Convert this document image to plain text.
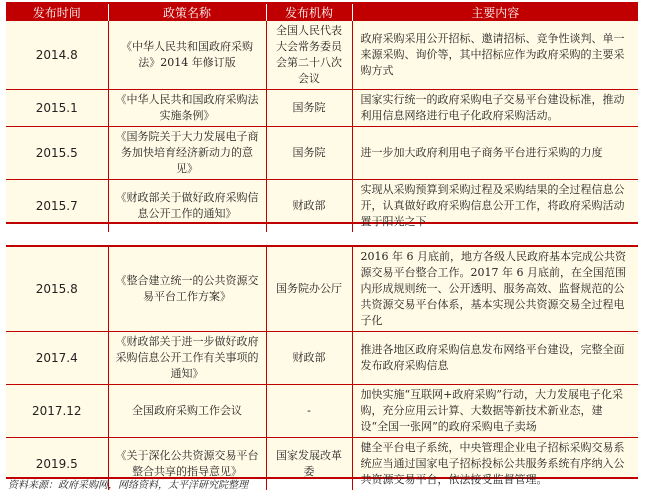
发布时间	政策名称	发布机构	主要内容
2014.8	《中华人民共和国政府采购法》2014 年修订版	全国人民代表大会常务委员会第二十八次会议	政府采购采用公开招标、邀请招标、竞争性谈判、单一来源采购、询价等，其中招标应作为政府采购的主要采购方式
2015.1	《中华人民共和国政府采购法实施条例》	国务院	国家实行统一的政府采购电子交易平台建设标准，推动利用信息网络进行电子化政府采购活动。
2015.5	《国务院关于大力发展电子商务加快培育经济新动力的意见》	国务院	进一步加大政府利用电子商务平台进行采购的力度
2015.7	《财政部关于做好政府采购信息公开工作的通知》	财政部	实现从采购预算到采购过程及采购结果的全过程信息公开，认真做好政府采购信息公开工作，将政府采购活动置于阳光之下
2015.8	《整合建立统一的公共资源交易平台工作方案》	国务院办公厅	2016 年 6 月底前，地方各级人民政府基本完成公共资源交易平台整合工作。2017 年 6 月底前，在全国范围内形成规则统一、公开透明、服务高效、监督规范的公共资源交易平台体系，基本实现公共资源交易全过程电子化
2017.4	《财政部关于进一步做好政府采购信息公开工作有关事项的通知》	财政部	推进各地区政府采购信息发布网络平台建设，完整全面发布政府采购信息
2017.12	全国政府采购工作会议	-	加快实施“互联网+政府采购”行动，大力发展电子化采购，充分应用云计算、大数据等新技术新业态，建设“全国一张网”的政府采购电子卖场
2019.5	《关于深化公共资源交易平台整合共享的指导意见》	国家发展改革委	健全平台电子系统，中央管理企业电子招标采购交易系统应当通过国家电子招标投标公共服务系统有序纳入公共资源交易平台，依法接受监督管理。
资料来源：政府采购网，网络资料，太平洋研究院整理
